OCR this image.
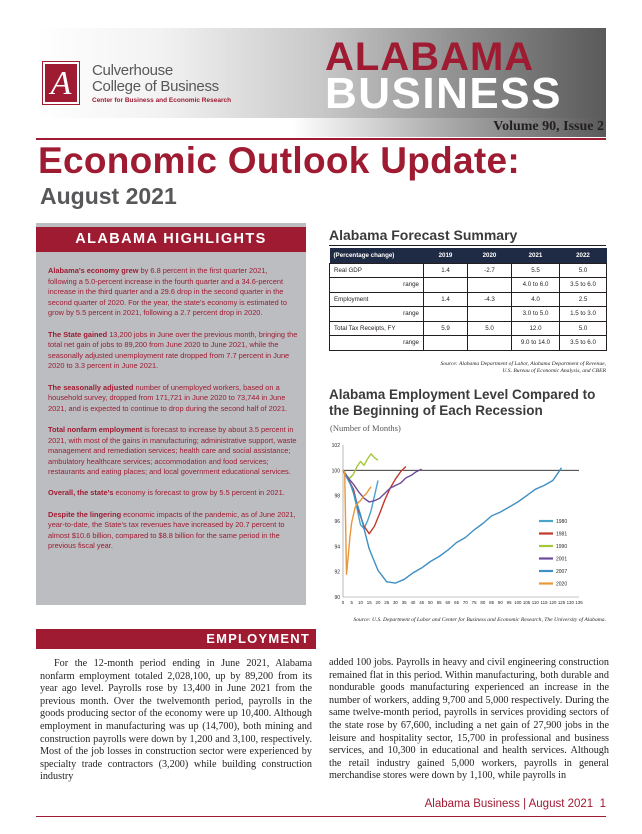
A	Culverhouse
College of Business
Center for Business and Economic Research
ALABAMA
BUSINESS
Volume 90, Issue 2
Economic Outlook Update:
August 2021
ALABAMA HIGHLIGHTS

Alabama’s economy grew by 6.8 percent in the first quarter 2021, following a 5.0-percent increase in the fourth quarter and a 34.6-percent increase in the third quarter and a 29.6 drop in the second quarter in the second quarter of 2020. For the year, the state’s economy is estimated to grow by 5.5 percent in 2021, following a 2.7 percent drop in 2020.

The State gained 13,200 jobs in June over the previous month, bringing the total net gain of jobs to 89,200 from June 2020 to June 2021, while the seasonally adjusted unemployment rate dropped from 7.7 percent in June 2020 to 3.3 percent in June 2021.

The seasonally adjusted number of unemployed workers, based on a household survey, dropped from 171,721 in June 2020 to 73,744 in June 2021, and is expected to continue to drop during the second half of 2021.

Total nonfarm employment is forecast to increase by about 3.5 percent in 2021, with most of the gains in manufacturing; administrative support, waste management and remediation services; health care and social assistance; ambulatory healthcare services; accommodation and food services; restaurants and eating places; and local government educational services.

Overall, the state’s economy is forecast to grow by 5.5 percent in 2021.

Despite the lingering economic impacts of the pandemic, as of June 2021, year-to-date, the State’s tax revenues have increased by 20.7 percent to almost $10.6 billion, compared to $8.8 billion for the same period in the previous fiscal year.

Alabama Forecast Summary
(Percentage change)	2019	2020	2021	2022
Real GDP	1.4	-2.7	5.5	5.0
range			4.0 to 6.0	3.5 to 6.0
Employment	1.4	-4.3	4.0	2.5
range			3.0 to 5.0	1.5 to 3.0
Total Tax Receipts, FY	5.9	5.0	12.0	5.0
range			9.0 to 14.0	3.5 to 6.0
Source: Alabama Department of Labor, Alabama Department of Revenue,
U.S. Bureau of Economic Analysis, and CBER
Alabama Employment Level Compared to the Beginning of Each Recession
(Number of Months)
90
92
94
96
98
100
102
0 5 10 15 20 25 30 35 40 45 50 55 60 65 70 75 80 85 90 95 100 105 110 115 120 125 130 135
1980
1981
1990
2001
2007
2020
Source: U.S. Department of Labor and Center for Business and Economic Research, The University of Alabama.
EMPLOYMENT
For the 12-month period ending in June 2021, Alabama nonfarm employment totaled 2,028,100, up by 89,200 from its year ago level. Payrolls rose by 13,400 in June 2021 from the previous month. Over the twelvemonth period, payrolls in the goods producing sector of the economy were up 10,400. Although employment in manufacturing was up (14,700), both mining and construction payrolls were down by 1,200 and 3,100, respectively. Most of the job losses in construction sector were experienced by specialty trade contractors (3,200) while building construction industry
added 100 jobs. Payrolls in heavy and civil engineering construction remained flat in this period. Within manufacturing, both durable and nondurable goods manufacturing experienced an increase in the number of workers, adding 9,700 and 5,000 respectively. During the same twelve-month period, payrolls in services providing sectors of the state rose by 67,600, including a net gain of 27,900 jobs in the leisure and hospitality sector, 15,700 in professional and business services, and 10,300 in educational and health services. Although the retail industry gained 5,000 workers, payrolls in general merchandise stores were down by 1,100, while payrolls in
Alabama Business | August 2021 1
